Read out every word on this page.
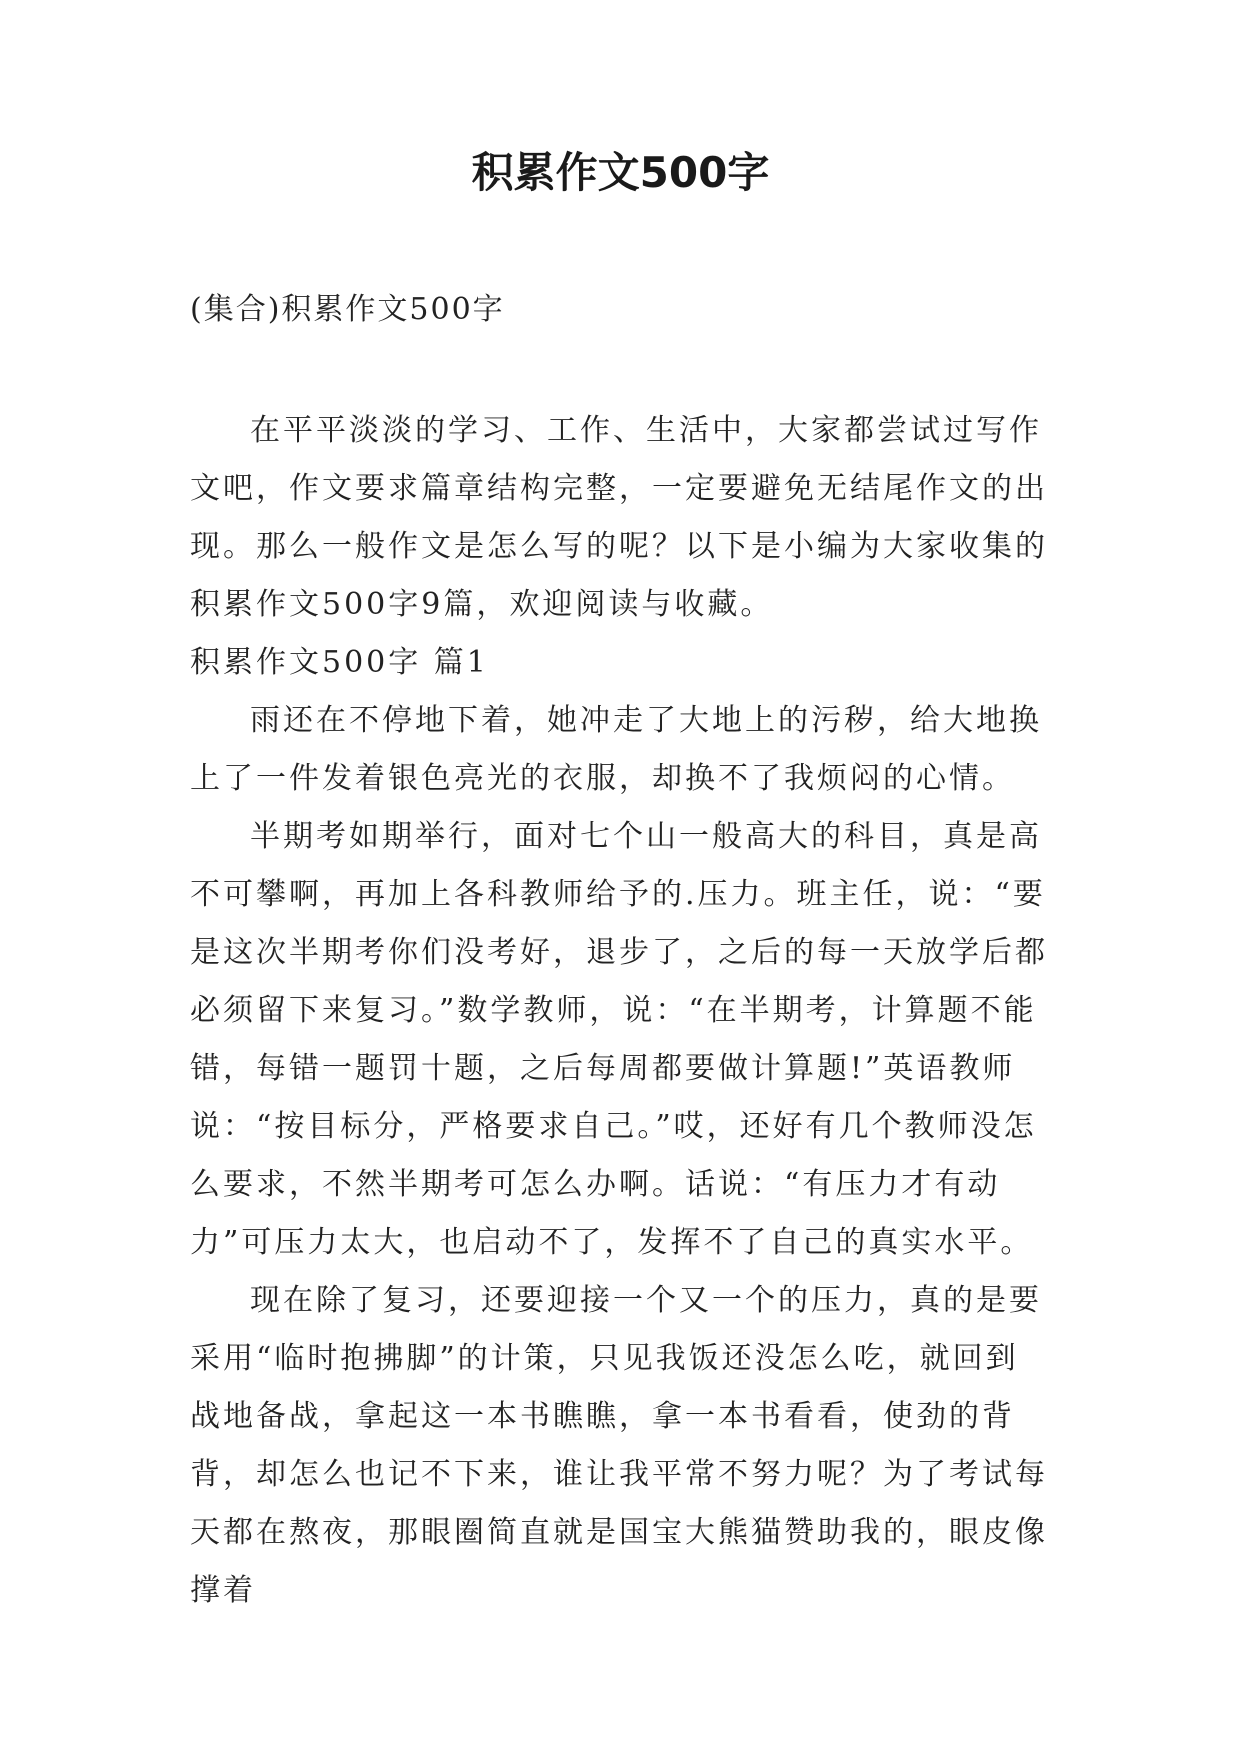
积累作文500字

(集合)积累作文500字

在平平淡淡的学习、工作、生活中，大家都尝试过写作文吧，作文要求篇章结构完整，一定要避免无结尾作文的出现。那么一般作文是怎么写的呢？以下是小编为大家收集的积累作文500字9篇，欢迎阅读与收藏。

积累作文500字 篇1

雨还在不停地下着，她冲走了大地上的污秽，给大地换上了一件发着银色亮光的衣服，却换不了我烦闷的心情。

半期考如期举行，面对七个山一般高大的科目，真是高不可攀啊，再加上各科教师给予的.压力。班主任，说：“要是这次半期考你们没考好，退步了，之后的每一天放学后都必须留下来复习。”数学教师，说：“在半期考，计算题不能错，每错一题罚十题，之后每周都要做计算题!”英语教师说：“按目标分，严格要求自己。”哎，还好有几个教师没怎么要求，不然半期考可怎么办啊。话说：“有压力才有动力”可压力太大，也启动不了，发挥不了自己的真实水平。

现在除了复习，还要迎接一个又一个的压力，真的是要采用“临时抱拂脚”的计策，只见我饭还没怎么吃，就回到战地备战，拿起这一本书瞧瞧，拿一本书看看，使劲的背背，却怎么也记不下来，谁让我平常不努力呢？为了考试每天都在熬夜，那眼圈简直就是国宝大熊猫赞助我的，眼皮像撑着
